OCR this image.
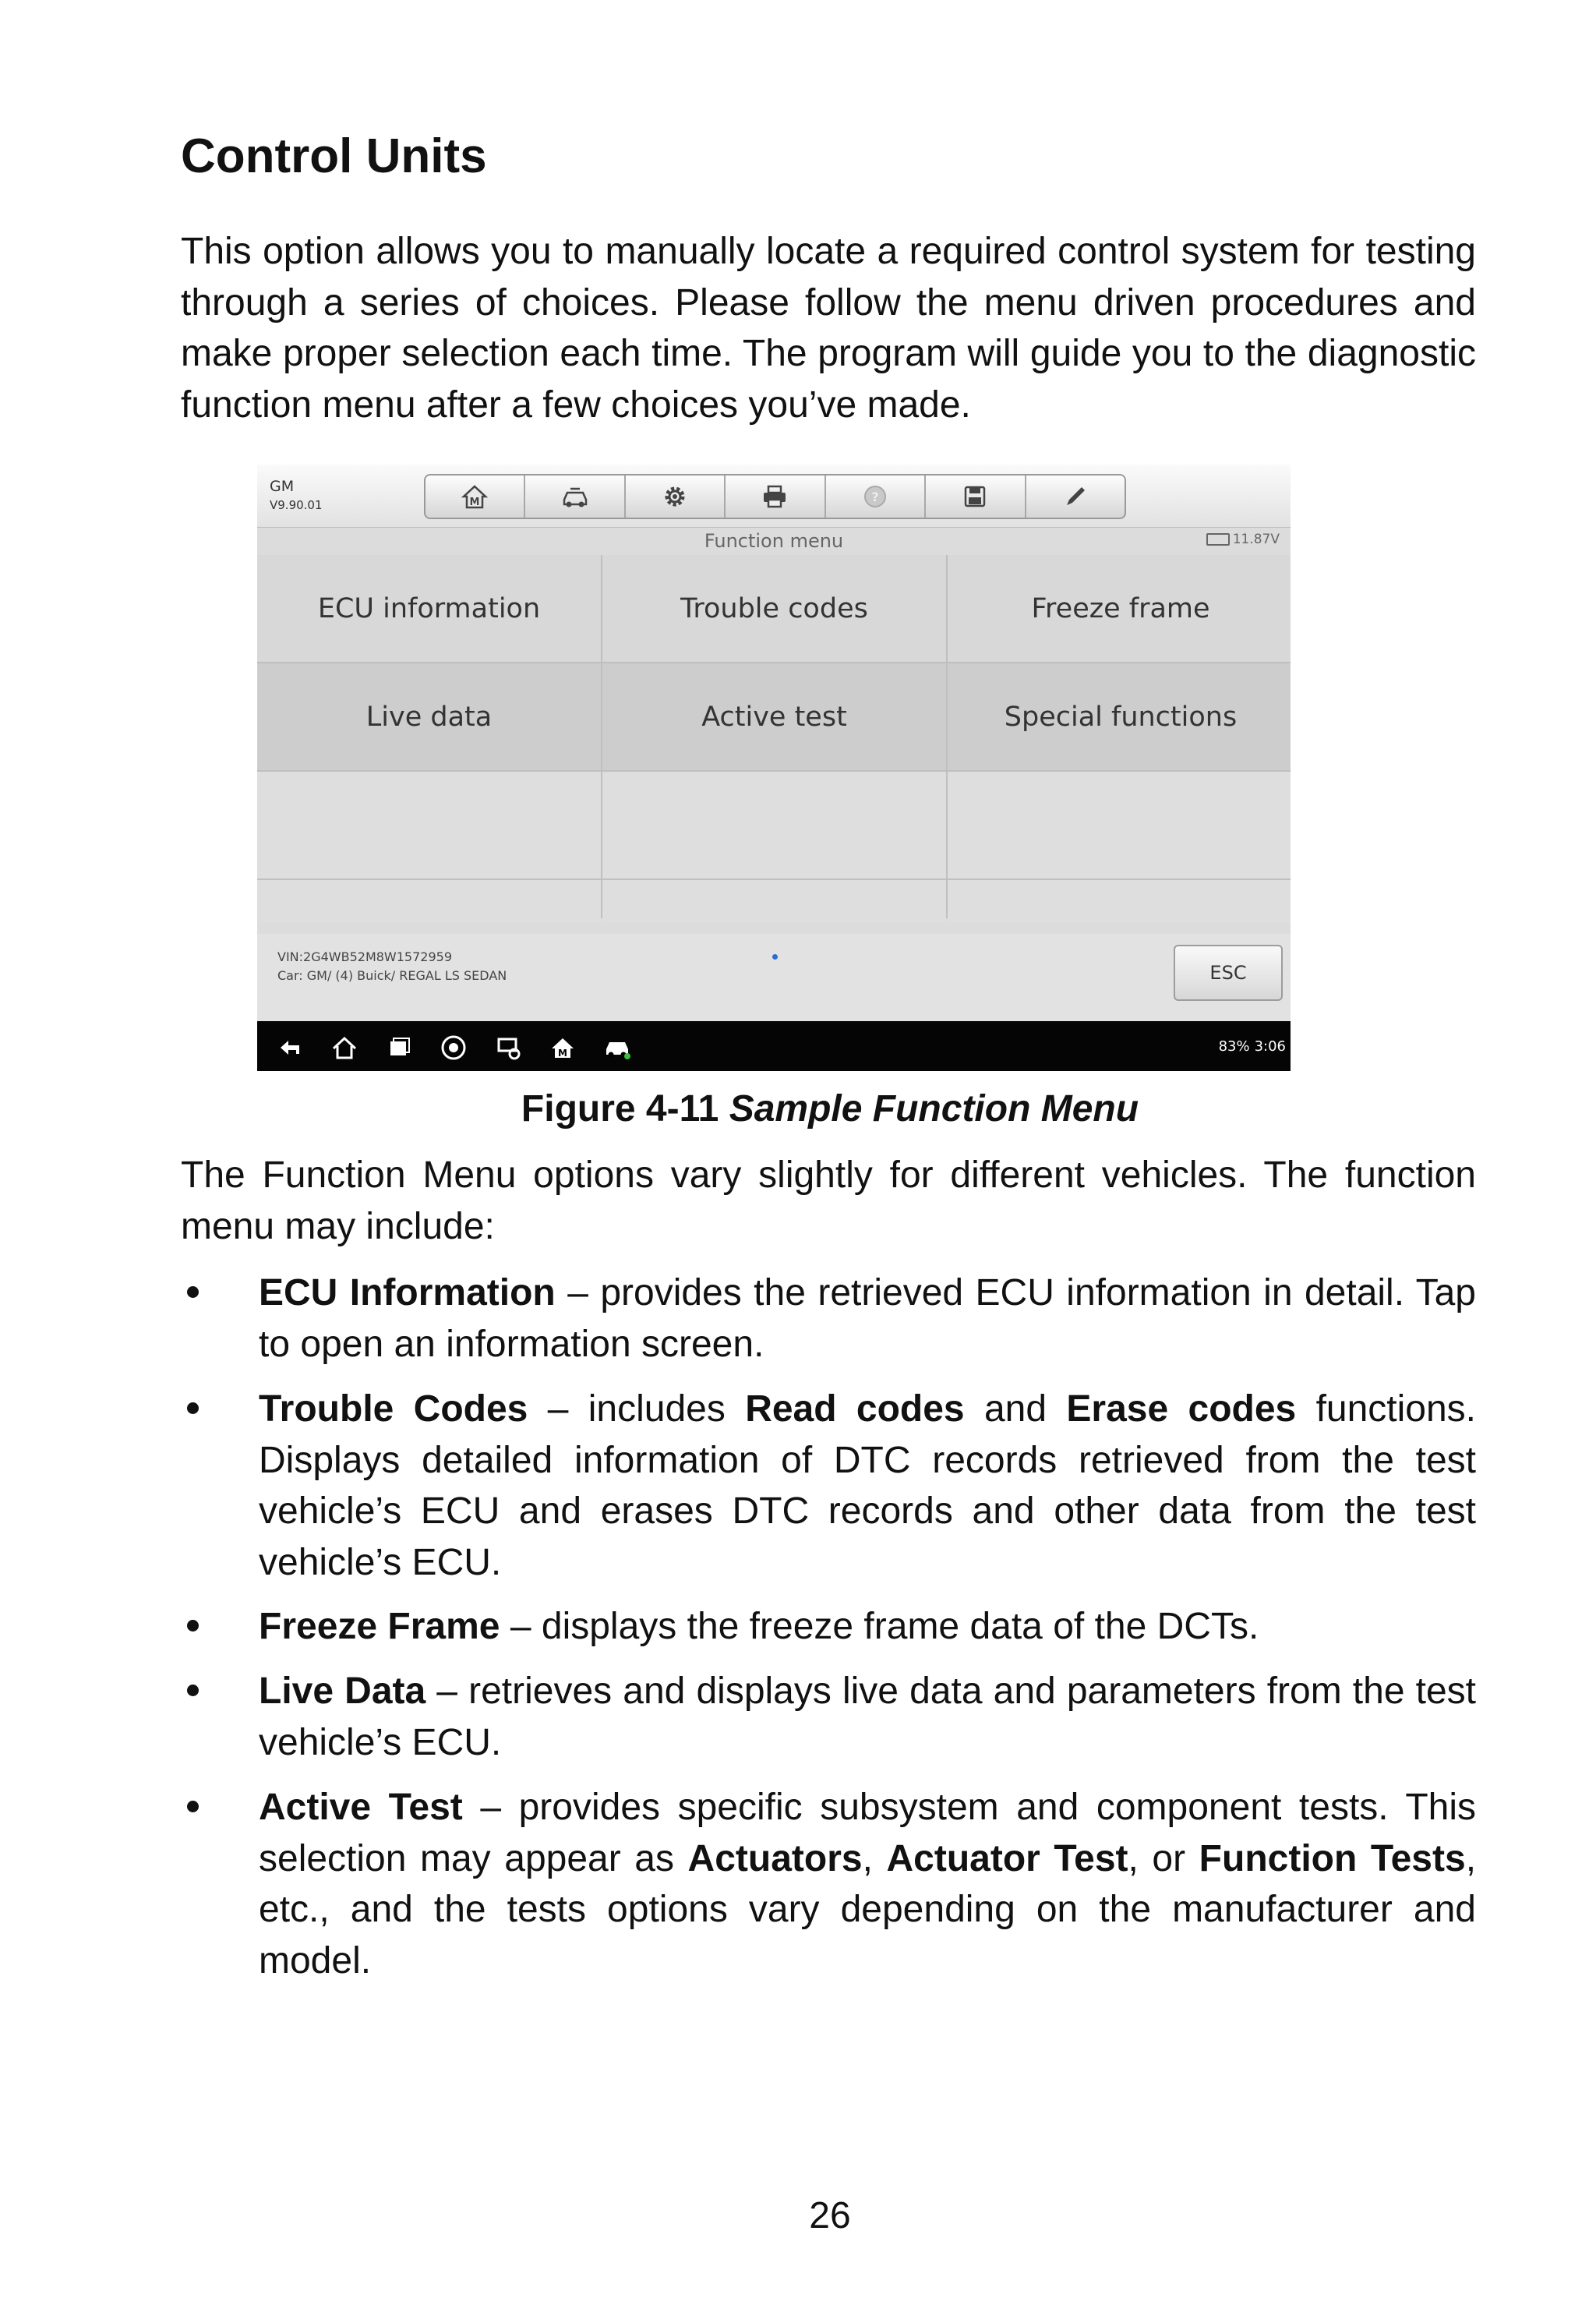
Control Units

This option allows you to manually locate a required control system for testing through a series of choices. Please follow the menu driven procedures and make proper selection each time. The program will guide you to the diagnostic function menu after a few choices you’ve made.

GM
V9.90.01	M	?
Function menu	11.87V
ECU information	Trouble codes	Freeze frame
Live data	Active test	Special functions
VIN:2G4WB52M8W1572959
Car: GM/ (4) Buick/ REGAL LS SEDAN	ESC
M	83% 3:06
Figure 4-11 Sample Function Menu

The Function Menu options vary slightly for different vehicles. The function menu may include:

ECU Information – provides the retrieved ECU information in detail. Tap to open an information screen.
Trouble Codes – includes Read codes and Erase codes functions. Displays detailed information of DTC records retrieved from the test vehicle’s ECU and erases DTC records and other data from the test vehicle’s ECU.
Freeze Frame – displays the freeze frame data of the DCTs.
Live Data – retrieves and displays live data and parameters from the test vehicle’s ECU.
Active Test – provides specific subsystem and component tests. This selection may appear as Actuators, Actuator Test, or Function Tests, etc., and the tests options vary depending on the manufacturer and model.
26
